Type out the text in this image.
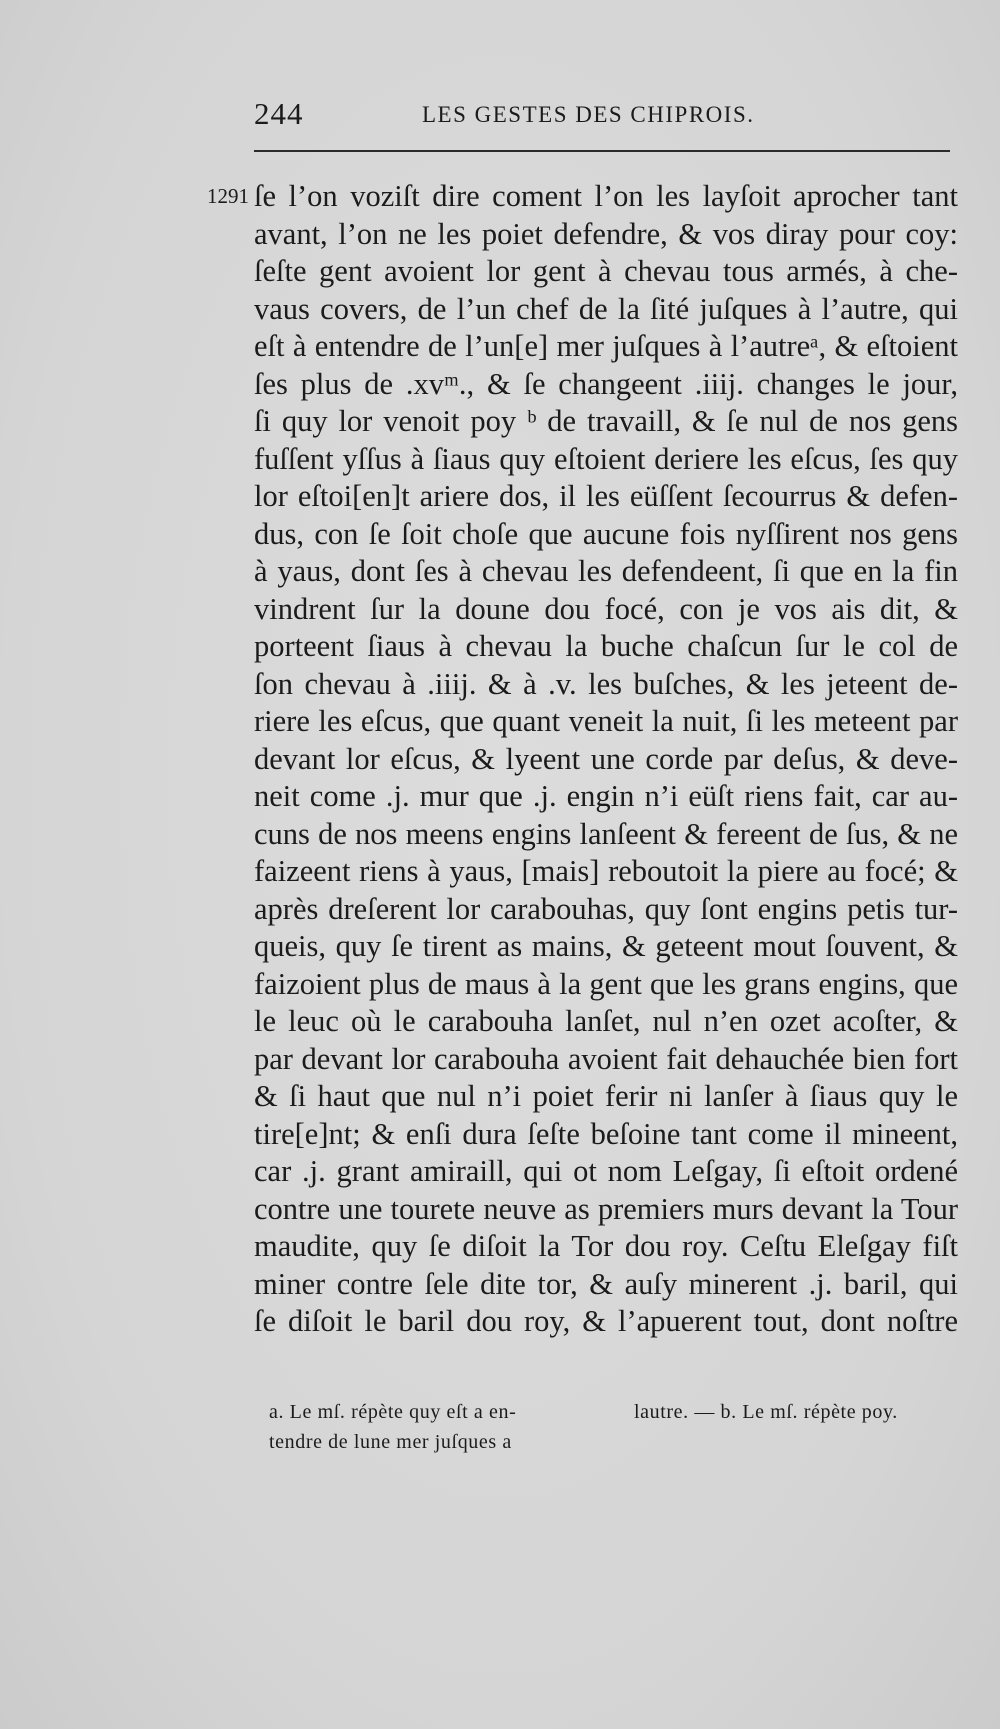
244	LES GESTES DES CHIPROIS.
1291 ſe l’on voziſt dire coment l’on les layſoit aprocher tant
avant, l’on ne les poiet defendre, & vos diray pour coy:
ſeſte gent avoient lor gent à chevau tous armés, à che-
vaus covers, de l’un chef de la ſité juſques à l’autre, qui
eſt à entendre de l’un[e] mer juſques à l’autreᵃ, & eſtoient
ſes plus de .xvᵐ., & ſe changeent .iiij. changes le jour,
ſi quy lor venoit poy ᵇ de travaill, & ſe nul de nos gens
fuſſent yſſus à ſiaus quy eſtoient deriere les eſcus, ſes quy
lor eſtoi[en]t ariere dos, il les eüſſent ſecourrus & defen-
dus, con ſe ſoit choſe que aucune fois nyſſirent nos gens
à yaus, dont ſes à chevau les defendeent, ſi que en la fin
vindrent ſur la doune dou focé, con je vos ais dit, &
porteent ſiaus à chevau la buche chaſcun ſur le col de
ſon chevau à .iiij. & à .v. les buſches, & les jeteent de-
riere les eſcus, que quant veneit la nuit, ſi les meteent par
devant lor eſcus, & lyeent une corde par deſus, & deve-
neit come .j. mur que .j. engin n’i eüſt riens fait, car au-
cuns de nos meens engins lanſeent & fereent de ſus, & ne
faizeent riens à yaus, [mais] reboutoit la piere au focé; &
après dreſerent lor carabouhas, quy ſont engins petis tur-
queis, quy ſe tirent as mains, & geteent mout ſouvent, &
faizoient plus de maus à la gent que les grans engins, que
le leuc où le carabouha lanſet, nul n’en ozet acoſter, &
par devant lor carabouha avoient fait dehauchée bien fort
& ſi haut que nul n’i poiet ferir ni lanſer à ſiaus quy le
tire[e]nt; & enſi dura ſeſte beſoine tant come il mineent,
car .j. grant amiraill, qui ot nom Leſgay, ſi eſtoit ordené
contre une tourete neuve as premiers murs devant la Tour
maudite, quy ſe diſoit la Tor dou roy. Ceſtu Eleſgay fiſt
miner contre ſele dite tor, & auſy minerent .j. baril, qui
ſe diſoit le baril dou roy, & l’apuerent tout, dont noſtre
a. Le mſ. répète quy eſt a en-
tendre de lune mer juſques a
lautre. — b. Le mſ. répète poy.
